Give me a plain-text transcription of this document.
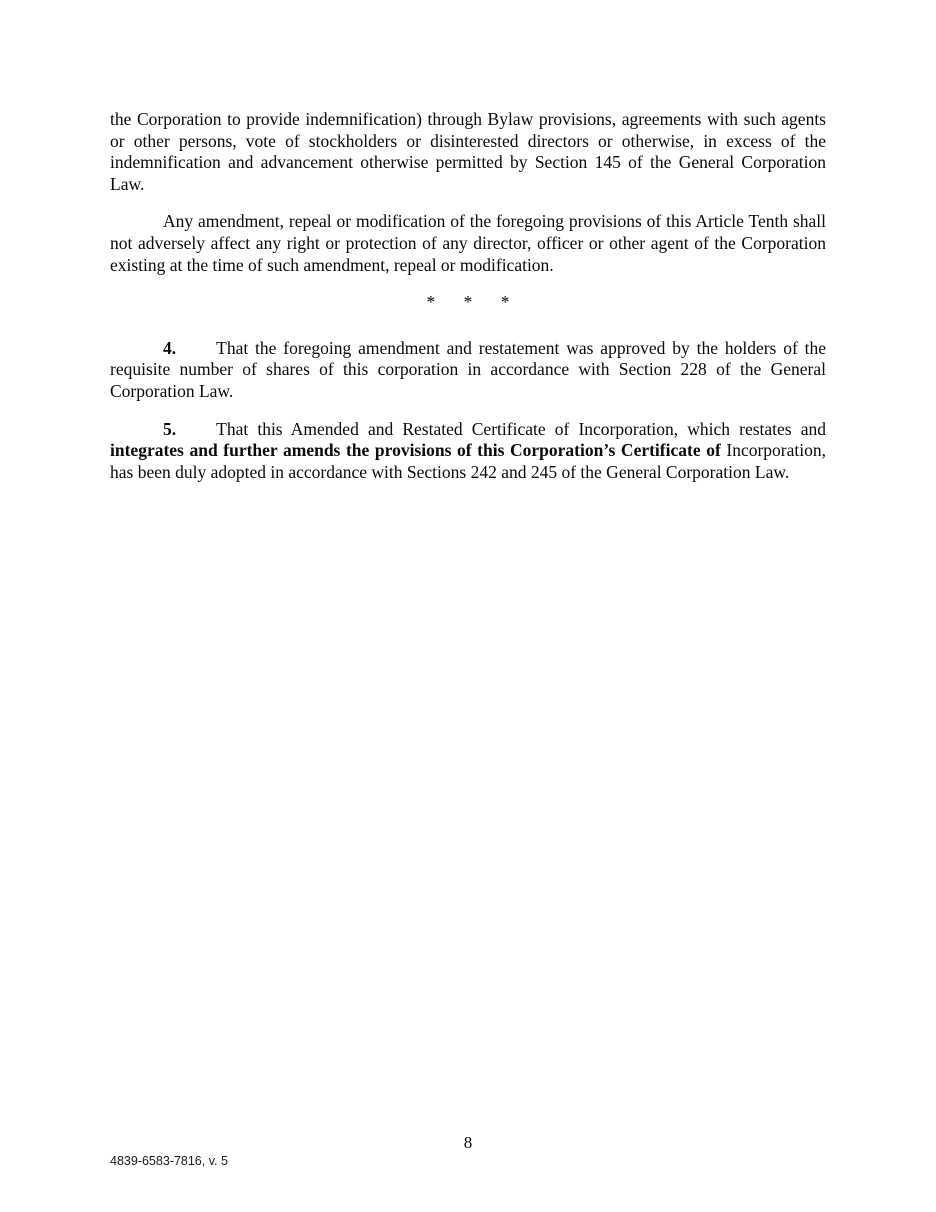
the Corporation to provide indemnification) through Bylaw provisions, agreements with such agents or other persons, vote of stockholders or disinterested directors or otherwise, in excess of the indemnification and advancement otherwise permitted by Section 145 of the General Corporation Law.

Any amendment, repeal or modification of the foregoing provisions of this Article Tenth shall not adversely affect any right or protection of any director, officer or other agent of the Corporation existing at the time of such amendment, repeal or modification.

* * *

4. That the foregoing amendment and restatement was approved by the holders of the requisite number of shares of this corporation in accordance with Section 228 of the General Corporation Law.

5. That this Amended and Restated Certificate of Incorporation, which restates and integrates and further amends the provisions of this Corporation’s Certificate of Incorporation, has been duly adopted in accordance with Sections 242 and 245 of the General Corporation Law.

8
4839-6583-7816, v. 5
